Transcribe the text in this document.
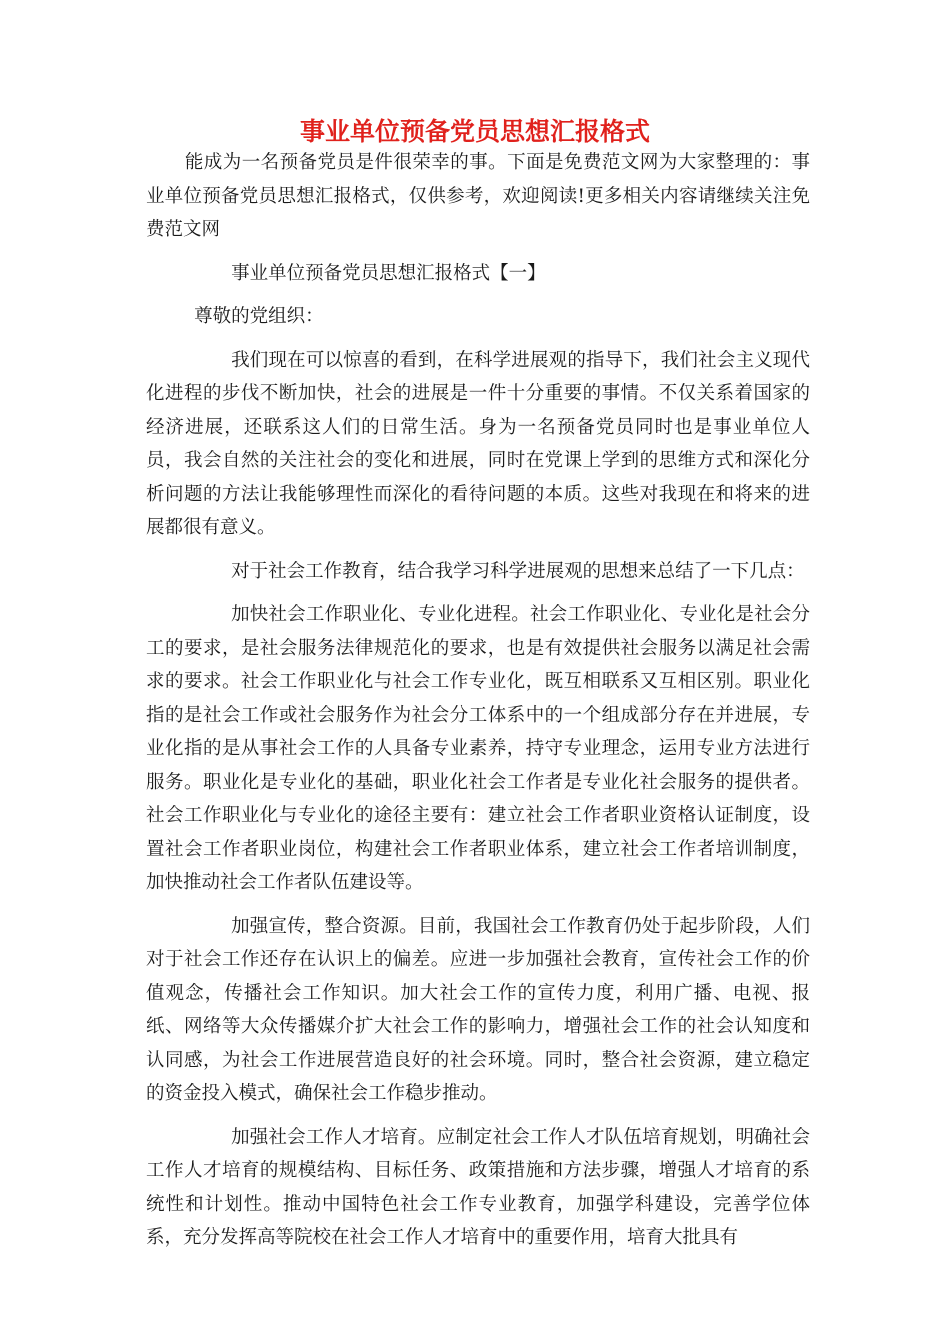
事业单位预备党员思想汇报格式

能成为一名预备党员是件很荣幸的事。下面是免费范文网为大家整理的：事业单位预备党员思想汇报格式，仅供参考，欢迎阅读!更多相关内容请继续关注免费范文网

事业单位预备党员思想汇报格式【一】

尊敬的党组织：

我们现在可以惊喜的看到，在科学进展观的指导下，我们社会主义现代化进程的步伐不断加快，社会的进展是一件十分重要的事情。不仅关系着国家的经济进展，还联系这人们的日常生活。身为一名预备党员同时也是事业单位人员，我会自然的关注社会的变化和进展，同时在党课上学到的思维方式和深化分析问题的方法让我能够理性而深化的看待问题的本质。这些对我现在和将来的进展都很有意义。

对于社会工作教育，结合我学习科学进展观的思想来总结了一下几点：

加快社会工作职业化、专业化进程。社会工作职业化、专业化是社会分工的要求，是社会服务法律规范化的要求，也是有效提供社会服务以满足社会需求的要求。社会工作职业化与社会工作专业化，既互相联系又互相区别。职业化指的是社会工作或社会服务作为社会分工体系中的一个组成部分存在并进展，专业化指的是从事社会工作的人具备专业素养，持守专业理念，运用专业方法进行服务。职业化是专业化的基础，职业化社会工作者是专业化社会服务的提供者。社会工作职业化与专业化的途径主要有：建立社会工作者职业资格认证制度，设置社会工作者职业岗位，构建社会工作者职业体系，建立社会工作者培训制度，加快推动社会工作者队伍建设等。

加强宣传，整合资源。目前，我国社会工作教育仍处于起步阶段，人们对于社会工作还存在认识上的偏差。应进一步加强社会教育，宣传社会工作的价值观念，传播社会工作知识。加大社会工作的宣传力度，利用广播、电视、报纸、网络等大众传播媒介扩大社会工作的影响力，增强社会工作的社会认知度和认同感，为社会工作进展营造良好的社会环境。同时，整合社会资源，建立稳定的资金投入模式，确保社会工作稳步推动。

加强社会工作人才培育。应制定社会工作人才队伍培育规划，明确社会工作人才培育的规模结构、目标任务、政策措施和方法步骤，增强人才培育的系统性和计划性。推动中国特色社会工作专业教育，加强学科建设，完善学位体系，充分发挥高等院校在社会工作人才培育中的重要作用，培育大批具有
